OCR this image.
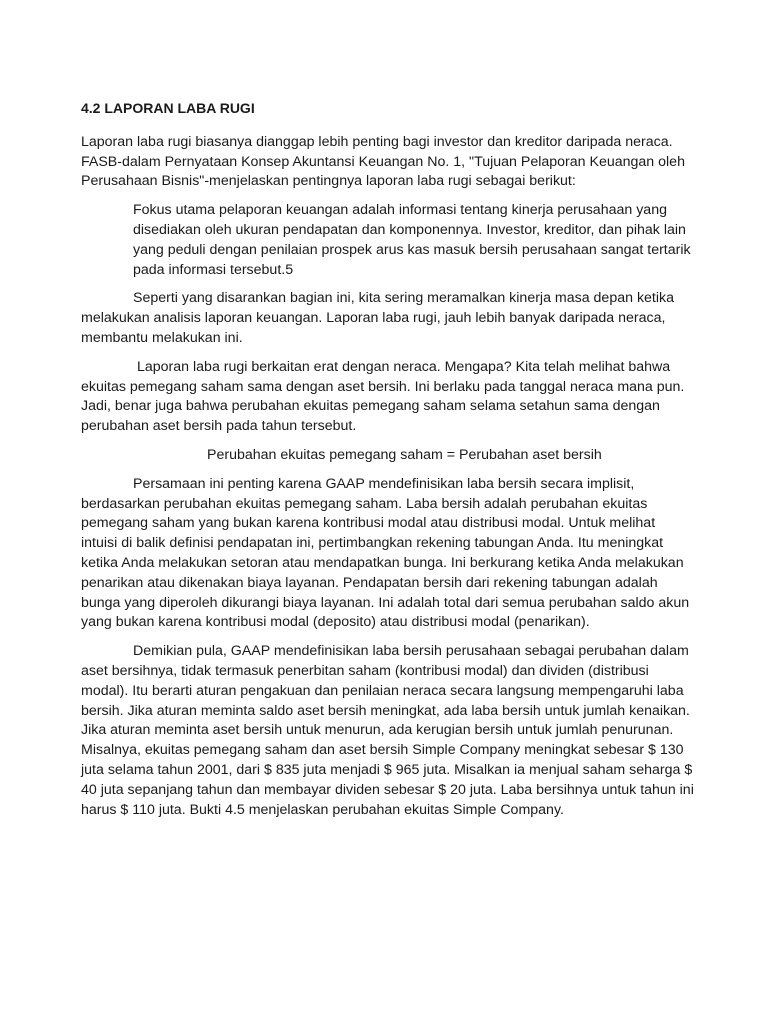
4.2 LAPORAN LABA RUGI

Laporan laba rugi biasanya dianggap lebih penting bagi investor dan kreditor daripada neraca. FASB-dalam Pernyataan Konsep Akuntansi Keuangan No. 1, "Tujuan Pelaporan Keuangan oleh Perusahaan Bisnis"-menjelaskan pentingnya laporan laba rugi sebagai berikut:

Fokus utama pelaporan keuangan adalah informasi tentang kinerja perusahaan yang disediakan oleh ukuran pendapatan dan komponennya. Investor, kreditor, dan pihak lain yang peduli dengan penilaian prospek arus kas masuk bersih perusahaan sangat tertarik pada informasi tersebut.5

Seperti yang disarankan bagian ini, kita sering meramalkan kinerja masa depan ketika melakukan analisis laporan keuangan. Laporan laba rugi, jauh lebih banyak daripada neraca, membantu melakukan ini.

Laporan laba rugi berkaitan erat dengan neraca. Mengapa? Kita telah melihat bahwa ekuitas pemegang saham sama dengan aset bersih. Ini berlaku pada tanggal neraca mana pun. Jadi, benar juga bahwa perubahan ekuitas pemegang saham selama setahun sama dengan perubahan aset bersih pada tahun tersebut.

Perubahan ekuitas pemegang saham = Perubahan aset bersih

Persamaan ini penting karena GAAP mendefinisikan laba bersih secara implisit, berdasarkan perubahan ekuitas pemegang saham. Laba bersih adalah perubahan ekuitas pemegang saham yang bukan karena kontribusi modal atau distribusi modal. Untuk melihat intuisi di balik definisi pendapatan ini, pertimbangkan rekening tabungan Anda. Itu meningkat ketika Anda melakukan setoran atau mendapatkan bunga. Ini berkurang ketika Anda melakukan penarikan atau dikenakan biaya layanan. Pendapatan bersih dari rekening tabungan adalah bunga yang diperoleh dikurangi biaya layanan. Ini adalah total dari semua perubahan saldo akun yang bukan karena kontribusi modal (deposito) atau distribusi modal (penarikan).

Demikian pula, GAAP mendefinisikan laba bersih perusahaan sebagai perubahan dalam aset bersihnya, tidak termasuk penerbitan saham (kontribusi modal) dan dividen (distribusi modal). Itu berarti aturan pengakuan dan penilaian neraca secara langsung mempengaruhi laba bersih. Jika aturan meminta saldo aset bersih meningkat, ada laba bersih untuk jumlah kenaikan. Jika aturan meminta aset bersih untuk menurun, ada kerugian bersih untuk jumlah penurunan. Misalnya, ekuitas pemegang saham dan aset bersih Simple Company meningkat sebesar $ 130 juta selama tahun 2001, dari $ 835 juta menjadi $ 965 juta. Misalkan ia menjual saham seharga $ 40 juta sepanjang tahun dan membayar dividen sebesar $ 20 juta. Laba bersihnya untuk tahun ini harus $ 110 juta. Bukti 4.5 menjelaskan perubahan ekuitas Simple Company.
